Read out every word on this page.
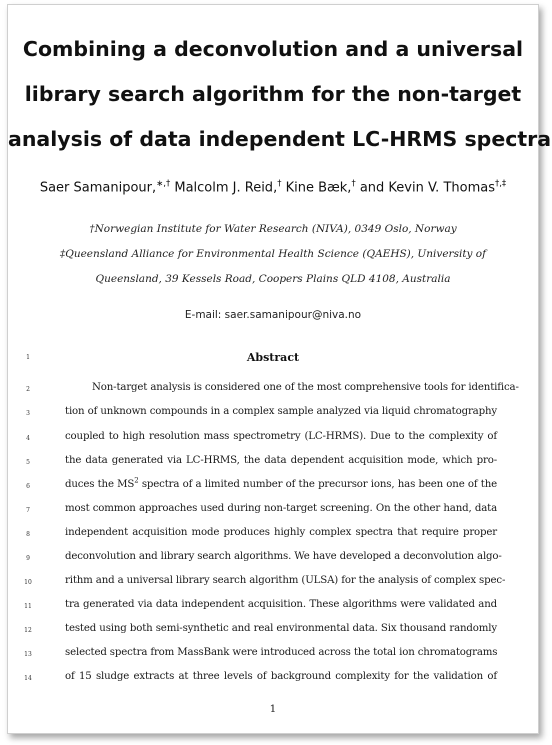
Combining a deconvolution and a universal
library search algorithm for the non-target
analysis of data independent LC-HRMS spectra
Saer Samanipour,∗,† Malcolm J. Reid,† Kine Bæk,† and Kevin V. Thomas†,‡
†Norwegian Institute for Water Research (NIVA), 0349 Oslo, Norway
‡Queensland Alliance for Environmental Health Science (QAEHS), University of
Queensland, 39 Kessels Road, Coopers Plains QLD 4108, Australia
E-mail: saer.samanipour@niva.no
1
2
3
4
5
6
7
8
9
10
11
12
13
14
Abstract
Non-target analysis is considered one of the most comprehensive tools for identifica-
tion of unknown compounds in a complex sample analyzed via liquid chromatography
coupled to high resolution mass spectrometry (LC-HRMS). Due to the complexity of
the data generated via LC-HRMS, the data dependent acquisition mode, which pro-
duces the $MS^2$ spectra of a limited number of the precursor ions, has been one of the
most common approaches used during non-target screening. On the other hand, data
independent acquisition mode produces highly complex spectra that require proper
deconvolution and library search algorithms. We have developed a deconvolution algo-
rithm and a universal library search algorithm (ULSA) for the analysis of complex spec-
tra generated via data independent acquisition. These algorithms were validated and
tested using both semi-synthetic and real environmental data. Six thousand randomly
selected spectra from MassBank were introduced across the total ion chromatograms
of 15 sludge extracts at three levels of background complexity for the validation of
1
